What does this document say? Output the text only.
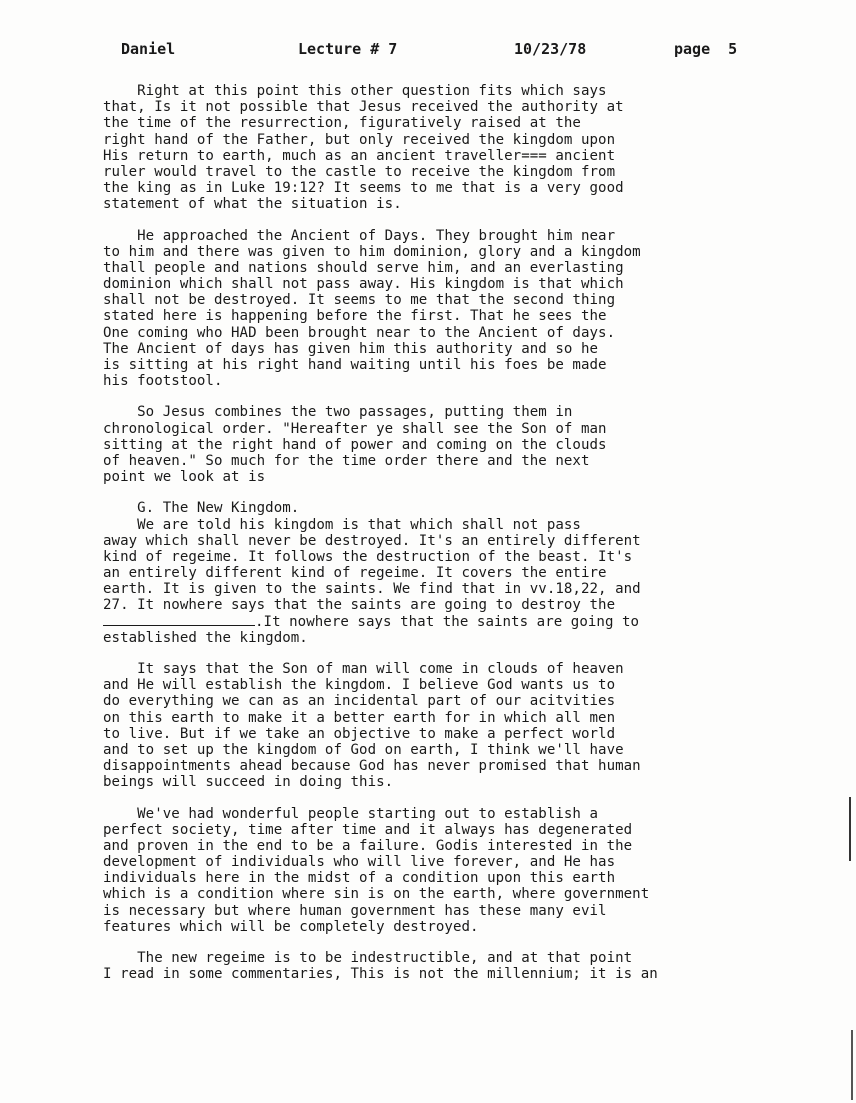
Daniel	Lecture # 7	10/23/78	page  5
Right at this point this other question fits which says
that, Is it not possible that Jesus received the authority at
the time of the resurrection, figuratively raised at the
right hand of the Father, but only received the kingdom upon
His return to earth, much as an ancient traveller=== ancient
ruler would travel to the castle to receive the kingdom from
the king as in Luke 19:12? It seems to me that is a very good
statement of what the situation is.
He approached the Ancient of Days. They brought him near
to him and there was given to him dominion, glory and a kingdom
thall people and nations should serve him, and an everlasting
dominion which shall not pass away. His kingdom is that which
shall not be destroyed. It seems to me that the second thing
stated here is happening before the first. That he sees the
One coming who HAD been brought near to the Ancient of days.
The Ancient of days has given him this authority and so he
is sitting at his right hand waiting until his foes be made
his footstool.
So Jesus combines the two passages, putting them in
chronological order. "Hereafter ye shall see the Son of man
sitting at the right hand of power and coming on the clouds
of heaven." So much for the time order there and the next
point we look at is
G. The New Kingdom.
We are told his kingdom is that which shall not pass
away which shall never be destroyed. It's an entirely different
kind of regeime. It follows the destruction of the beast. It's
an entirely different kind of regeime. It covers the entire
earth. It is given to the saints. We find that in vv.18,22, and
27. It nowhere says that the saints are going to destroy the
.It nowhere says that the saints are going to
established the kingdom.
It says that the Son of man will come in clouds of heaven
and He will establish the kingdom. I believe God wants us to
do everything we can as an incidental part of our acitvities
on this earth to make it a better earth for in which all men
to live. But if we take an objective to make a perfect world
and to set up the kingdom of God on earth, I think we'll have
disappointments ahead because God has never promised that human
beings will succeed in doing this.
We've had wonderful people starting out to establish a
perfect society, time after time and it always has degenerated
and proven in the end to be a failure. Godis interested in the
development of individuals who will live forever, and He has
individuals here in the midst of a condition upon this earth
which is a condition where sin is on the earth, where government
is necessary but where human government has these many evil
features which will be completely destroyed.
The new regeime is to be indestructible, and at that point
I read in some commentaries, This is not the millennium; it is an
